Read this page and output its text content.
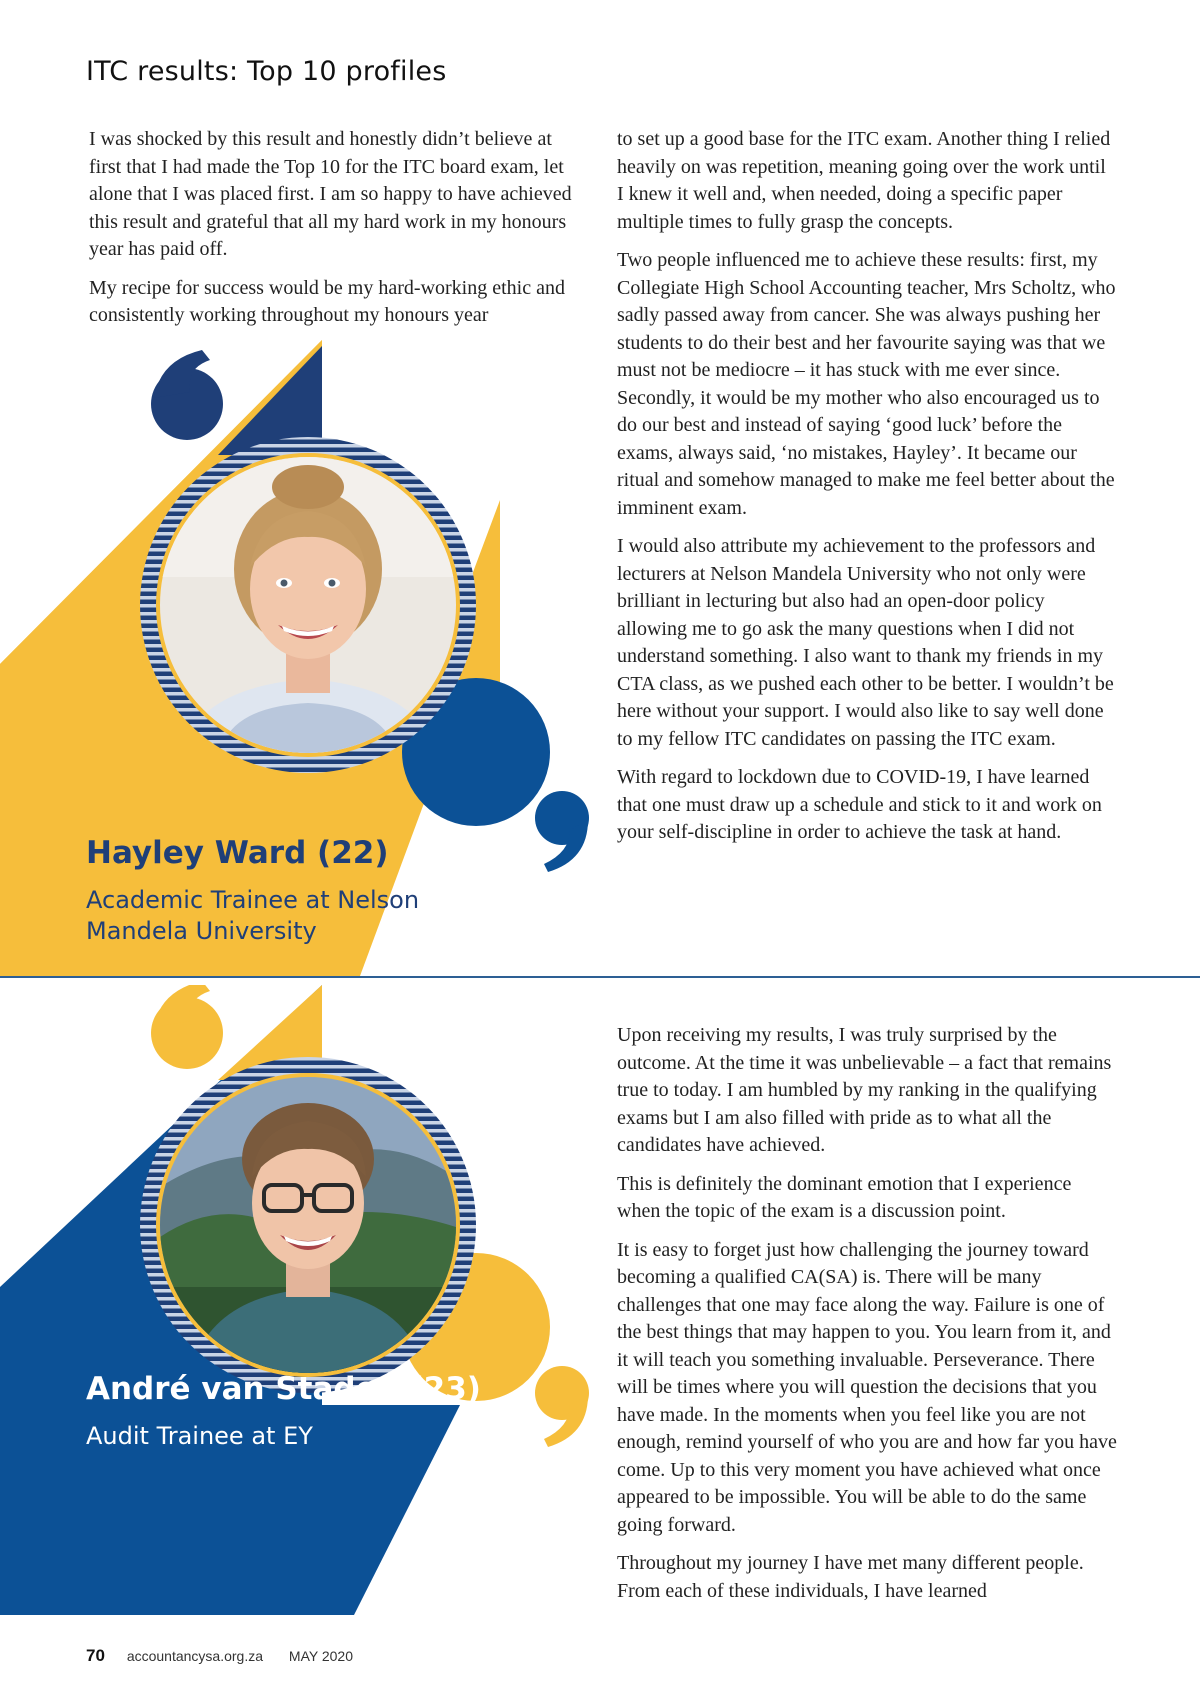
ITC results: Top 10 profiles

I was shocked by this result and honestly didn’t believe at first that I had made the Top 10 for the ITC board exam, let alone that I was placed first. I am so happy to have achieved this result and grateful that all my hard work in my honours year has paid off.

My recipe for success would be my hard-working ethic and consistently working throughout my honours year

to set up a good base for the ITC exam. Another thing I relied heavily on was repetition, meaning going over the work until I knew it well and, when needed, doing a specific paper multiple times to fully grasp the concepts.

Two people influenced me to achieve these results: first, my Collegiate High School Accounting teacher, Mrs Scholtz, who sadly passed away from cancer. She was always pushing her students to do their best and her favourite saying was that we must not be mediocre – it has stuck with me ever since. Secondly, it would be my mother who also encouraged us to do our best and instead of saying ‘good luck’ before the exams, always said, ‘no mistakes, Hayley’. It became our ritual and somehow managed to make me feel better about the imminent exam.

I would also attribute my achievement to the professors and lecturers at Nelson Mandela University who not only were brilliant in lecturing but also had an open-door policy allowing me to go ask the many questions when I did not understand something. I also want to thank my friends in my CTA class, as we pushed each other to be better. I wouldn’t be here without your support. I would also like to say well done to my fellow ITC candidates on passing the ITC exam.

With regard to lockdown due to COVID-19, I have learned that one must draw up a schedule and stick to it and work on your self-discipline in order to achieve the task at hand.

Hayley Ward (22)
Academic Trainee at Nelson
Mandela University
André van Staden (23)
Audit Trainee at EY

Upon receiving my results, I was truly surprised by the outcome. At the time it was unbelievable – a fact that remains true to today. I am humbled by my ranking in the qualifying exams but I am also filled with pride as to what all the candidates have achieved.

This is definitely the dominant emotion that I experience when the topic of the exam is a discussion point.

It is easy to forget just how challenging the journey toward becoming a qualified CA(SA) is. There will be many challenges that one may face along the way. Failure is one of the best things that may happen to you. You learn from it, and it will teach you something invaluable. Perseverance. There will be times where you will question the decisions that you have made. In the moments when you feel like you are not enough, remind yourself of who you are and how far you have come. Up to this very moment you have achieved what once appeared to be impossible. You will be able to do the same going forward.

Throughout my journey I have met many different people. From each of these individuals, I have learned

70 accountancysa.org.za MAY 2020
